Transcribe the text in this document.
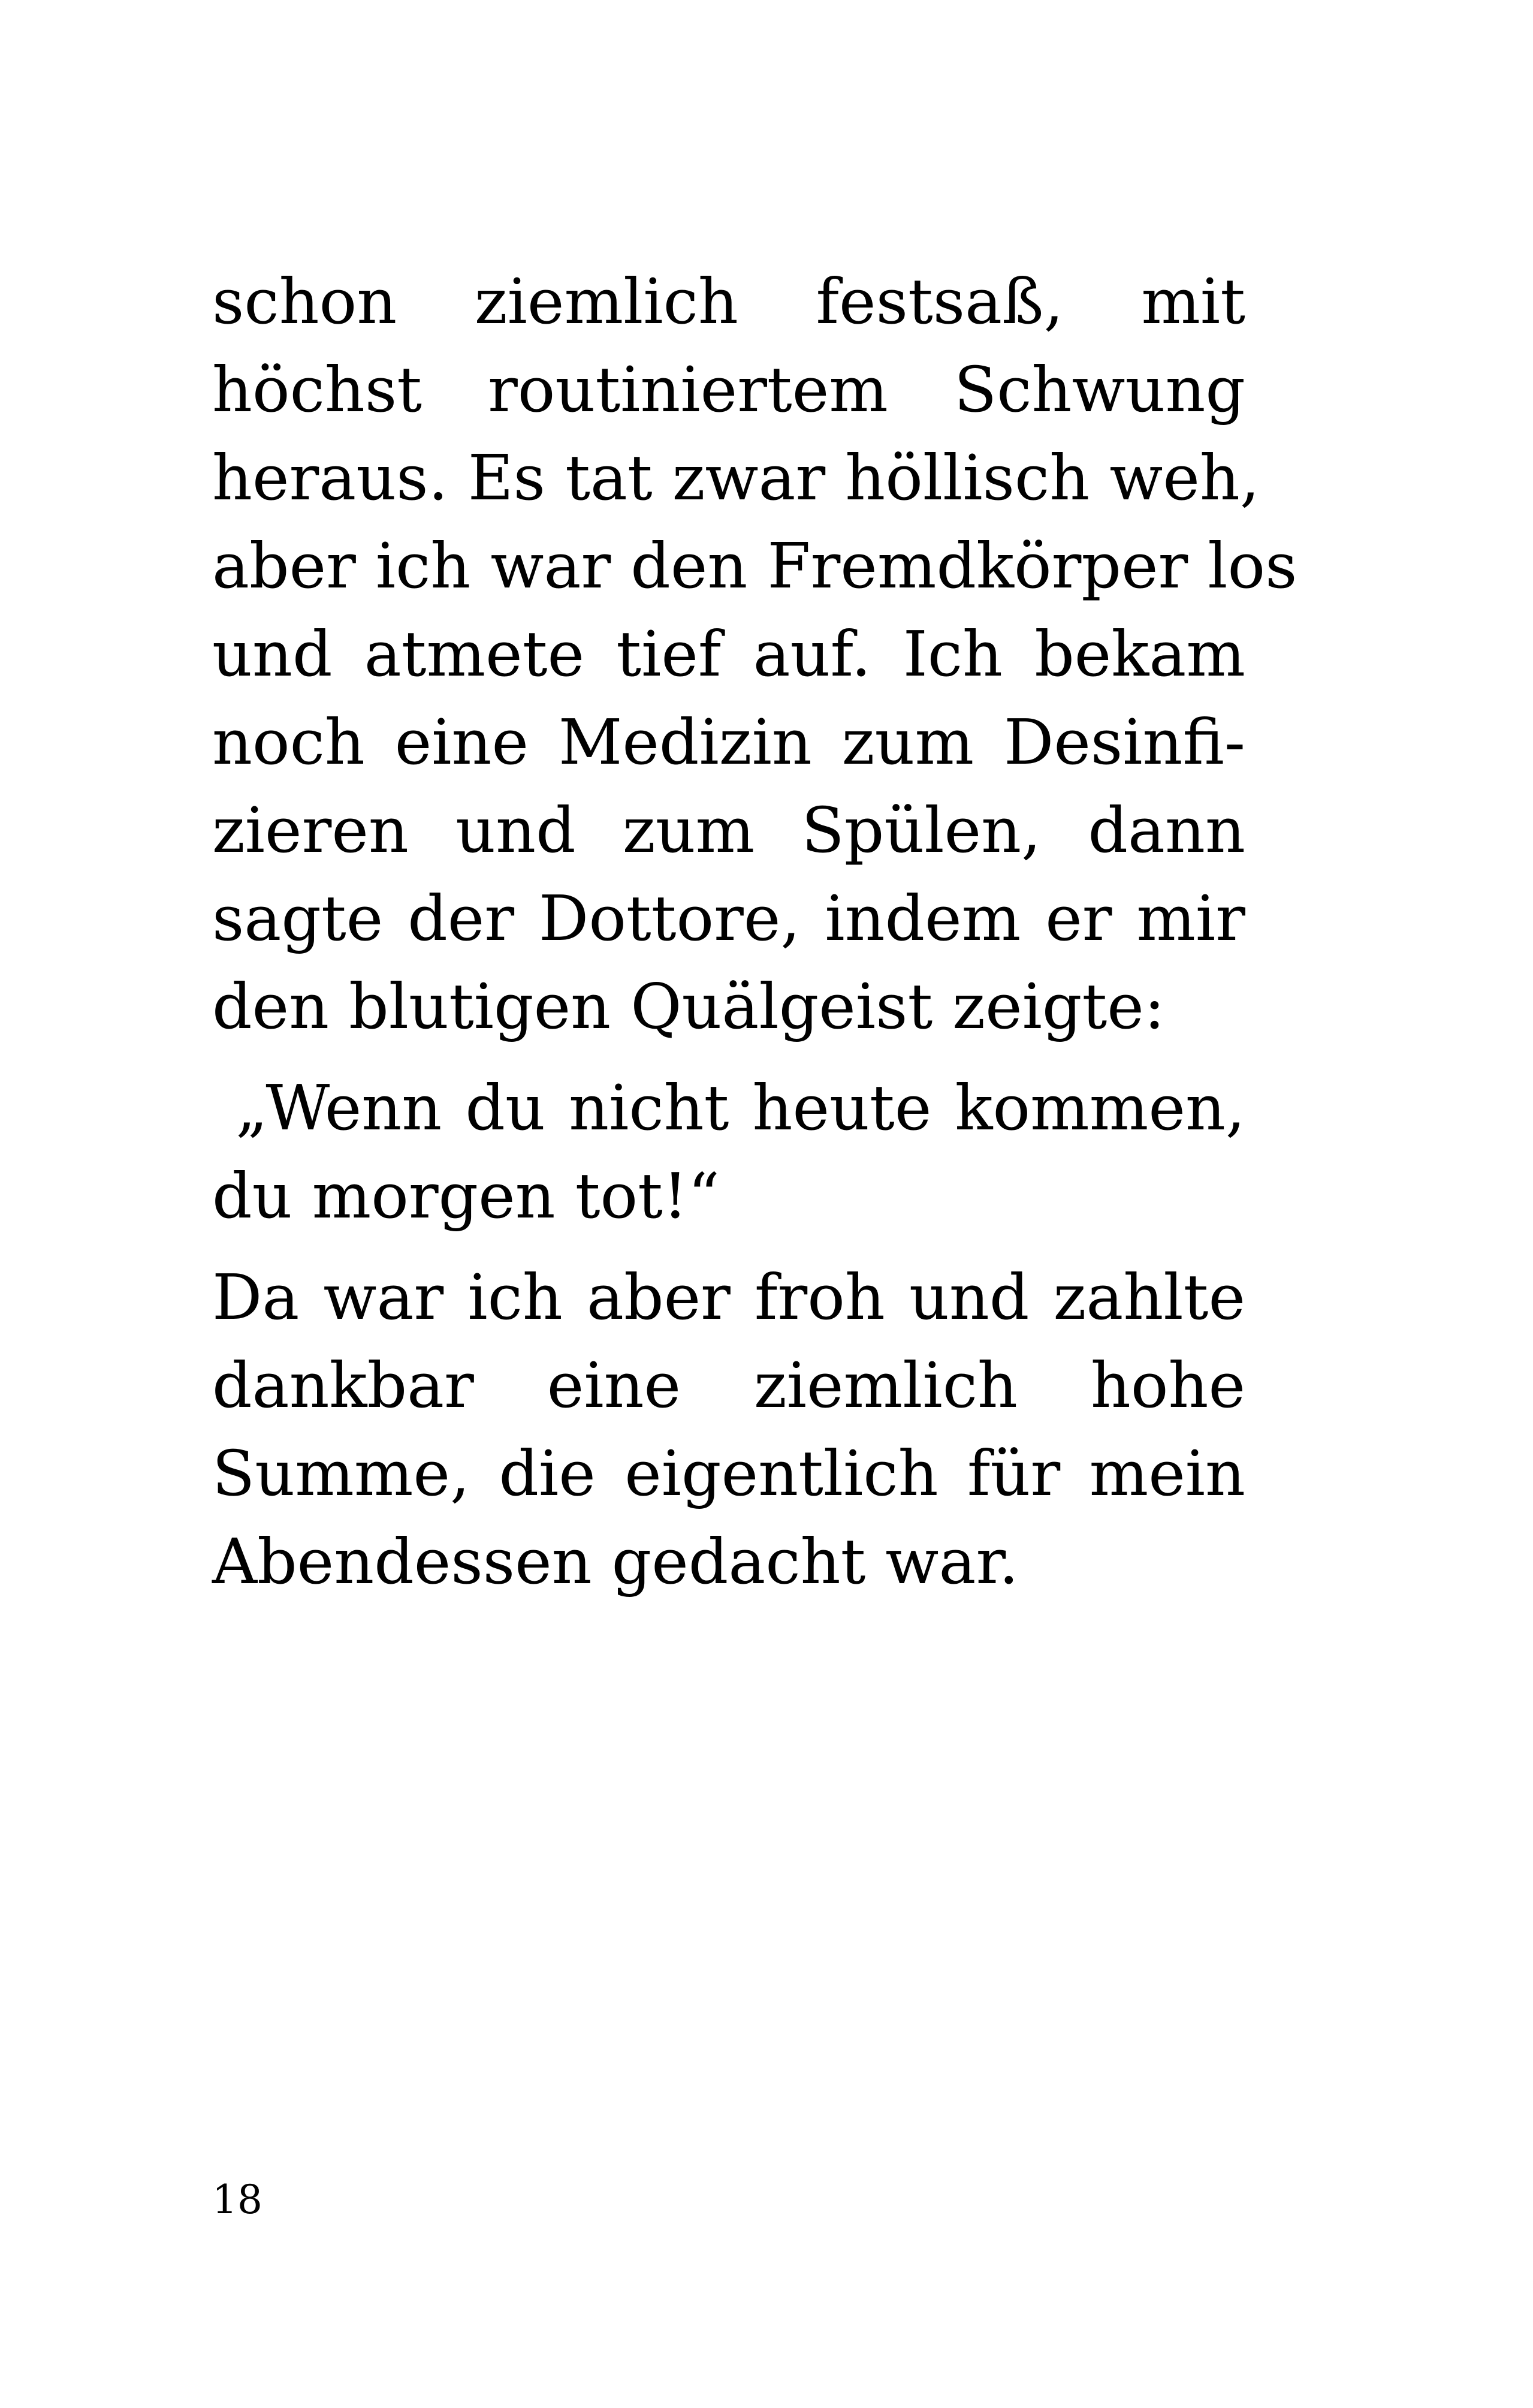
schon ziemlich festsaß, mit
höchst routiniertem Schwung
heraus. Es tat zwar höllisch weh,
aber ich war den Fremdkörper los
und atmete tief auf. Ich bekam
noch eine Medizin zum Desinfi-
zieren und zum Spülen, dann
sagte der Dottore, indem er mir
den blutigen Quälgeist zeigte:

„Wenn du nicht heute kommen,
du morgen tot!“

Da war ich aber froh und zahlte
dankbar eine ziemlich hohe
Summe, die eigentlich für mein
Abendessen gedacht war.

18
